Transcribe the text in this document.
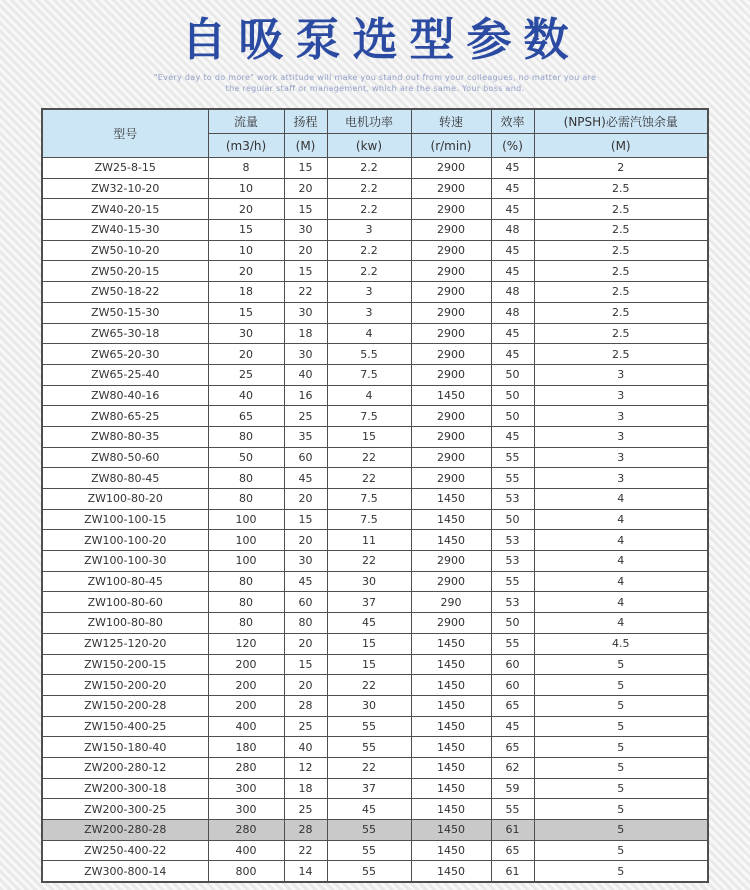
自吸泵选型参数

"Every day to do more" work attitude will make you stand out from your colleagues, no matter you are

the regular staff or management, which are the same. Your boss and.

型号	流量	扬程	电机功率	转速	效率	(NPSH)必需汽蚀余量
	(m3/h)	(M)	(kw)	(r/min)	(%)	(M)
ZW25-8-15	8	15	2.2	2900	45	2
ZW32-10-20	10	20	2.2	2900	45	2.5
ZW40-20-15	20	15	2.2	2900	45	2.5
ZW40-15-30	15	30	3	2900	48	2.5
ZW50-10-20	10	20	2.2	2900	45	2.5
ZW50-20-15	20	15	2.2	2900	45	2.5
ZW50-18-22	18	22	3	2900	48	2.5
ZW50-15-30	15	30	3	2900	48	2.5
ZW65-30-18	30	18	4	2900	45	2.5
ZW65-20-30	20	30	5.5	2900	45	2.5
ZW65-25-40	25	40	7.5	2900	50	3
ZW80-40-16	40	16	4	1450	50	3
ZW80-65-25	65	25	7.5	2900	50	3
ZW80-80-35	80	35	15	2900	45	3
ZW80-50-60	50	60	22	2900	55	3
ZW80-80-45	80	45	22	2900	55	3
ZW100-80-20	80	20	7.5	1450	53	4
ZW100-100-15	100	15	7.5	1450	50	4
ZW100-100-20	100	20	11	1450	53	4
ZW100-100-30	100	30	22	2900	53	4
ZW100-80-45	80	45	30	2900	55	4
ZW100-80-60	80	60	37	290	53	4
ZW100-80-80	80	80	45	2900	50	4
ZW125-120-20	120	20	15	1450	55	4.5
ZW150-200-15	200	15	15	1450	60	5
ZW150-200-20	200	20	22	1450	60	5
ZW150-200-28	200	28	30	1450	65	5
ZW150-400-25	400	25	55	1450	45	5
ZW150-180-40	180	40	55	1450	65	5
ZW200-280-12	280	12	22	1450	62	5
ZW200-300-18	300	18	37	1450	59	5
ZW200-300-25	300	25	45	1450	55	5
ZW200-280-28	280	28	55	1450	61	5
ZW250-400-22	400	22	55	1450	65	5
ZW300-800-14	800	14	55	1450	61	5
